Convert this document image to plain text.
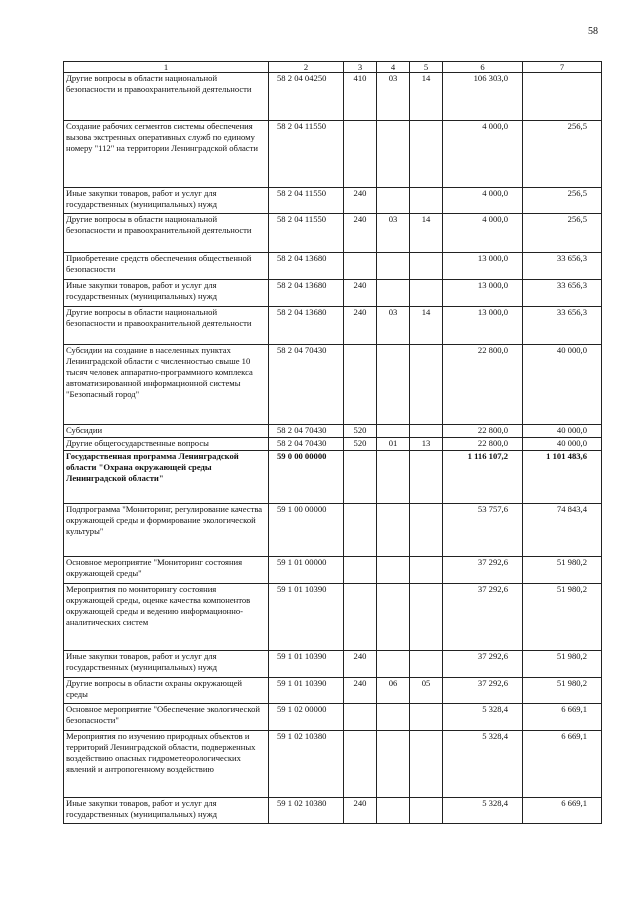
58
1	2	3	4	5	6	7
Другие вопросы в области национальной безопасности и правоохранительной деятельности	58 2 04 04250	410	03	14	106 303,0	
Создание рабочих сегментов системы обеспечения вызова экстренных оперативных служб по единому номеру "112" на территории Ленинградской области	58 2 04 11550				4 000,0	256,5
Иные закупки товаров, работ и услуг для государственных (муниципальных) нужд	58 2 04 11550	240			4 000,0	256,5
Другие вопросы в области национальной безопасности и правоохранительной деятельности	58 2 04 11550	240	03	14	4 000,0	256,5
Приобретение средств обеспечения общественной безопасности	58 2 04 13680				13 000,0	33 656,3
Иные закупки товаров, работ и услуг для государственных (муниципальных) нужд	58 2 04 13680	240			13 000,0	33 656,3
Другие вопросы в области национальной безопасности и правоохранительной деятельности	58 2 04 13680	240	03	14	13 000,0	33 656,3
Субсидии на создание в населенных пунктах Ленинградской области с численностью свыше 10 тысяч человек аппаратно-программного комплекса автоматизированной информационной системы "Безопасный город"	58 2 04 70430				22 800,0	40 000,0
Субсидии	58 2 04 70430	520			22 800,0	40 000,0
Другие общегосударственные вопросы	58 2 04 70430	520	01	13	22 800,0	40 000,0
Государственная программа Ленинградской области "Охрана окружающей среды Ленинградской области"	59 0 00 00000				1 116 107,2	1 101 483,6
Подпрограмма "Мониторинг, регулирование качества окружающей среды и формирование экологической культуры"	59 1 00 00000				53 757,6	74 843,4
Основное мероприятие "Мониторинг состояния окружающей среды"	59 1 01 00000				37 292,6	51 980,2
Мероприятия по мониторингу состояния окружающей среды, оценке качества компонентов окружающей среды и ведению информационно-аналитических систем	59 1 01 10390				37 292,6	51 980,2
Иные закупки товаров, работ и услуг для государственных (муниципальных) нужд	59 1 01 10390	240			37 292,6	51 980,2
Другие вопросы в области охраны окружающей среды	59 1 01 10390	240	06	05	37 292,6	51 980,2
Основное мероприятие "Обеспечение экологической безопасности"	59 1 02 00000				5 328,4	6 669,1
Мероприятия по изучению природных объектов и территорий Ленинградской области, подверженных воздействию опасных гидрометеорологических явлений и антропогенному воздействию	59 1 02 10380				5 328,4	6 669,1
Иные закупки товаров, работ и услуг для государственных (муниципальных) нужд	59 1 02 10380	240			5 328,4	6 669,1
